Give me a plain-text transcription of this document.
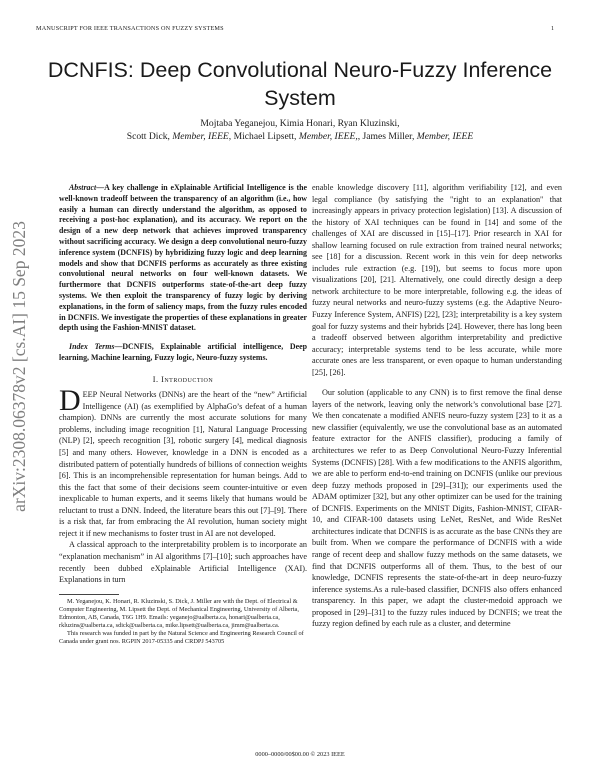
MANUSCRIPT FOR IEEE TRANSACTIONS ON FUZZY SYSTEMS	1
DCNFIS: Deep Convolutional Neuro-Fuzzy Inference System
Mojtaba Yeganejou, Kimia Honari, Ryan Kluzinski,
Scott Dick, Member, IEEE, Michael Lipsett, Member, IEEE,, James Miller, Member, IEEE
arXiv:2308.06378v2 [cs.AI] 15 Sep 2023

Abstract—A key challenge in eXplainable Artificial Intelligence is the well-known tradeoff between the transparency of an algorithm (i.e., how easily a human can directly understand the algorithm, as opposed to receiving a post-hoc explanation), and its accuracy. We report on the design of a new deep network that achieves improved transparency without sacrificing accuracy. We design a deep convolutional neuro-fuzzy inference system (DCNFIS) by hybridizing fuzzy logic and deep learning models and show that DCNFIS performs as accurately as three existing convolutional neural networks on four well-known datasets. We furthermore that DCNFIS outperforms state-of-the-art deep fuzzy systems. We then exploit the transparency of fuzzy logic by deriving explanations, in the form of saliency maps, from the fuzzy rules encoded in DCNFIS. We investigate the properties of these explanations in greater depth using the Fashion-MNIST dataset.

Index Terms—DCNFIS, Explainable artificial intelligence, Deep learning, Machine learning, Fuzzy logic, Neuro-fuzzy systems.

I. Introduction

DEEP Neural Networks (DNNs) are the heart of the “new” Artificial Intelligence (AI) (as exemplified by AlphaGo’s defeat of a human champion). DNNs are currently the most accurate solutions for many problems, including image recognition [1], Natural Language Processing (NLP) [2], speech recognition [3], robotic surgery [4], medical diagnosis [5] and many others. However, knowledge in a DNN is encoded as a distributed pattern of potentially hundreds of billions of connection weights [6]. This is an incomprehensible representation for human beings. Add to this the fact that some of their decisions seem counter-intuitive or even inexplicable to human experts, and it seems likely that humans would be reluctant to trust a DNN. Indeed, the literature bears this out [7]–[9]. There is a risk that, far from embracing the AI revolution, human society might reject it if new mechanisms to foster trust in AI are not developed.

A classical approach to the interpretability problem is to incorporate an “explanation mechanism” in AI algorithms [7]–[10]; such approaches have recently been dubbed eXplainable Artificial Intelligence (XAI). Explanations in turn

M. Yeganejou, K. Honari, R. Kluzinski, S. Dick, J. Miller are with the Dept. of Electrical & Computer Engineering, M. Lipsett the Dept. of Mechanical Engineering, University of Alberta, Edmonton, AB, Canada, T6G 1H9. Emails: yeganejo@ualberta.ca, honari@ualberta.ca, rkluzins@ualberta.ca, sdick@ualberta.ca, mike.lipsett@ualberta.ca, jimm@ualberta.ca.

This research was funded in part by the Natural Science and Engineering Research Council of Canada under grant nos. RGPIN 2017-05335 and CRDPJ 543705

enable knowledge discovery [11], algorithm verifiability [12], and even legal compliance (by satisfying the "right to an explanation" that increasingly appears in privacy protection legislation) [13]. A discussion of the history of XAI techniques can be found in [14] and some of the challenges of XAI are discussed in [15]–[17]. Prior research in XAI for shallow learning focused on rule extraction from trained neural networks; see [18] for a discussion. Recent work in this vein for deep networks includes rule extraction (e.g. [19]), but seems to focus more upon visualizations [20], [21]. Alternatively, one could directly design a deep network architecture to be more interpretable, following e.g. the ideas of fuzzy neural networks and neuro-fuzzy systems (e.g. the Adaptive Neuro-Fuzzy Inference System, ANFIS) [22], [23]; interpretability is a key system goal for fuzzy systems and their hybrids [24]. However, there has long been a tradeoff observed between algorithm interpretability and predictive accuracy; interpretable systems tend to be less accurate, while more accurate ones are less transparent, or even opaque to human understanding [25], [26].

Our solution (applicable to any CNN) is to first remove the final dense layers of the network, leaving only the network’s convolutional base [27]. We then concatenate a modified ANFIS neuro-fuzzy system [23] to it as a new classifier (equivalently, we use the convolutional base as an automated feature extractor for the ANFIS classifier), producing a family of architectures we refer to as Deep Convolutional Neuro-Fuzzy Inferential Systems (DCNFIS) [28]. With a few modifications to the ANFIS algorithm, we are able to perform end-to-end training on DCNFIS (unlike our previous deep fuzzy methods proposed in [29]–[31]); our experiments used the ADAM optimizer [32], but any other optimizer can be used for the training of DCNFIS. Experiments on the MNIST Digits, Fashion-MNIST, CIFAR-10, and CIFAR-100 datasets using LeNet, ResNet, and Wide ResNet architectures indicate that DCNFIS is as accurate as the base CNNs they are built from. When we compare the performance of DCNFIS with a wide range of recent deep and shallow fuzzy methods on the same datasets, we find that DCNFIS outperforms all of them. Thus, to the best of our knowledge, DCNFIS represents the state-of-the-art in deep neuro-fuzzy inference systems.As a rule-based classifier, DCNFIS also offers enhanced transparency. In this paper, we adapt the cluster-medoid approach we proposed in [29]–[31] to the fuzzy rules induced by DCNFIS; we treat the fuzzy region defined by each rule as a cluster, and determine

0000–0000/00$00.00 © 2023 IEEE
